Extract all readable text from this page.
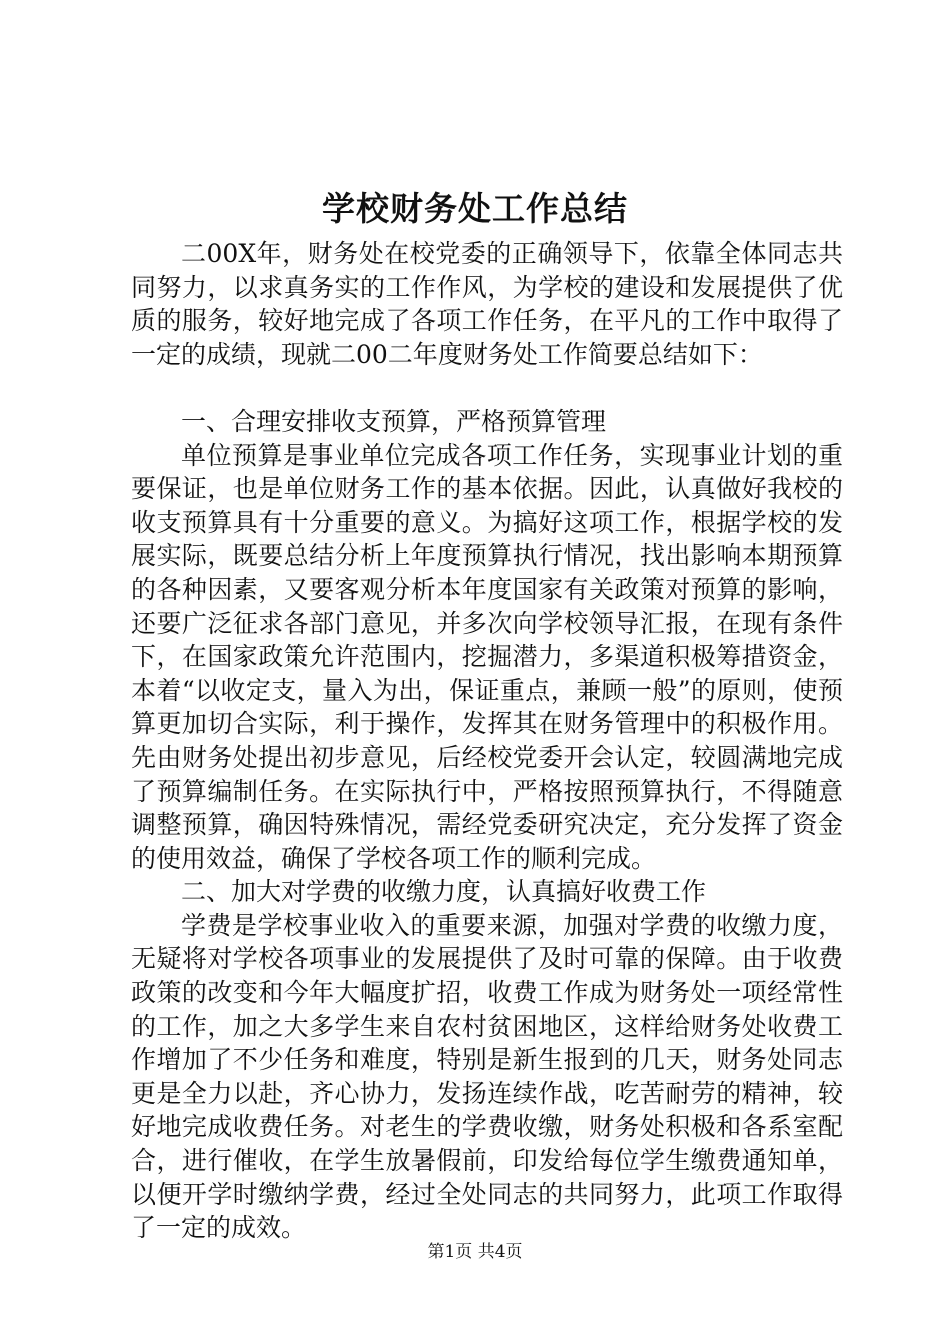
学校财务处工作总结

二00X年，财务处在校党委的正确领导下，依靠全体同志共同努力，以求真务实的工作作风，为学校的建设和发展提供了优质的服务，较好地完成了各项工作任务，在平凡的工作中取得了一定的成绩，现就二00二年度财务处工作简要总结如下：

一、合理安排收支预算，严格预算管理

单位预算是事业单位完成各项工作任务，实现事业计划的重要保证，也是单位财务工作的基本依据。因此，认真做好我校的收支预算具有十分重要的意义。为搞好这项工作，根据学校的发展实际，既要总结分析上年度预算执行情况，找出影响本期预算的各种因素，又要客观分析本年度国家有关政策对预算的影响，还要广泛征求各部门意见，并多次向学校领导汇报，在现有条件下，在国家政策允许范围内，挖掘潜力，多渠道积极筹措资金，本着“以收定支，量入为出，保证重点，兼顾一般”的原则，使预算更加切合实际，利于操作，发挥其在财务管理中的积极作用。先由财务处提出初步意见，后经校党委开会认定，较圆满地完成了预算编制任务。在实际执行中，严格按照预算执行，不得随意调整预算，确因特殊情况，需经党委研究决定，充分发挥了资金的使用效益，确保了学校各项工作的顺利完成。

二、加大对学费的收缴力度，认真搞好收费工作

学费是学校事业收入的重要来源，加强对学费的收缴力度，无疑将对学校各项事业的发展提供了及时可靠的保障。由于收费政策的改变和今年大幅度扩招，收费工作成为财务处一项经常性的工作，加之大多学生来自农村贫困地区，这样给财务处收费工作增加了不少任务和难度，特别是新生报到的几天，财务处同志更是全力以赴，齐心协力，发扬连续作战，吃苦耐劳的精神，较好地完成收费任务。对老生的学费收缴，财务处积极和各系室配合，进行催收，在学生放暑假前，印发给每位学生缴费通知单，以便开学时缴纳学费，经过全处同志的共同努力，此项工作取得了一定的成效。

第1页 共4页
